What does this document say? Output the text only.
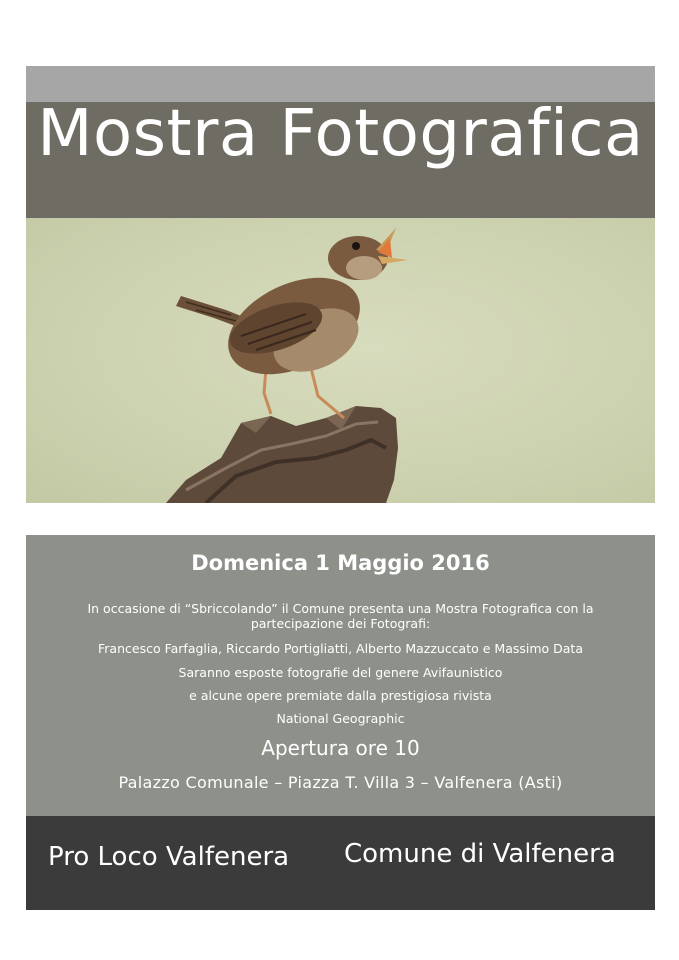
Mostra Fotografica
Domenica 1 Maggio 2016
In occasione di “Sbriccolando” il Comune presenta una Mostra Fotografica con la partecipazione dei Fotografi:
Francesco Farfaglia, Riccardo Portigliatti, Alberto Mazzuccato e Massimo Data
Saranno esposte fotografie del genere Avifaunistico
e alcune opere premiate dalla prestigiosa rivista
National Geographic
Apertura ore 10
Palazzo Comunale – Piazza T. Villa 3 – Valfenera (Asti)
Pro Loco Valfenera Comune di Valfenera
